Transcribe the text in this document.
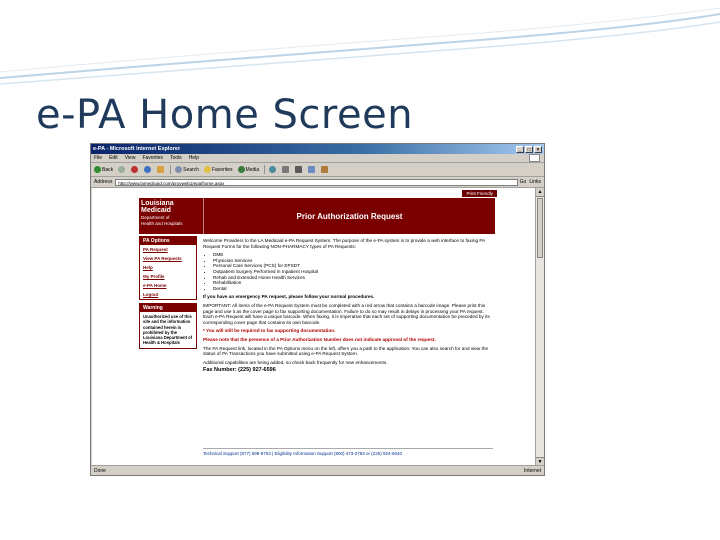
e-PA Home Screen
e-PA - Microsoft Internet Explorer	_	□	×
File Edit View Favorites Tools Help
Back	Search	Favorites	Media
Address	http://www.lamedicaid.com/provweb1/epa/home.aspx	Go Links
Print Friendly
Louisiana
Medicaid
Department of
Health and Hospitals
Prior Authorization Request
PA Options
PA Request
View PA Requests
Help
My Profile
e-PA Home
Logout
Warning
Unauthorized use of this site and the information contained herein is prohibited by the Louisiana Department of Health & Hospitals

Welcome Providers to the LA Medicaid e-PA Request System. The purpose of the e-PA system is to provide a web interface to faxing PA Request Forms for the following NON-PHARMACY types of PA Requests:

• DME
• Physician Services
• Personal Care Services (PCS) for EPSDT
• Outpatient Surgery Performed in Inpatient Hospital
• Rehab and Extended Home Health Services
• Rehabilitation
• Dental

If you have an emergency PA request, please follow your normal procedures.

IMPORTANT: All items of the e-PA Request System must be completed with a red arrow that contains a barcode image. Please print this page and use it as the cover page to fax supporting documentation. Failure to do so may result in delays in processing your PA request. Each e-PA Request will have a unique barcode. When faxing, it is imperative that each set of supporting documentation be preceded by its corresponding cover page that contains its own barcode.

* You will still be required to fax supporting documentation.

Please note that the presence of a Prior Authorization Number does not indicate approval of the request.

The PA Request link, located in the PA Options menu on the left, offers you a path to the application. You can also search for and view the status of PA Transactions you have submitted using e-PA Request System.

Additional capabilities are being added, so check back frequently for new enhancements.

Fax Number: (225) 927-6596

Technical Support (877) 598-8753 | Eligibility Information Support (800) 473-2783 or (225) 924-5040
▲
▼
Done	Internet
